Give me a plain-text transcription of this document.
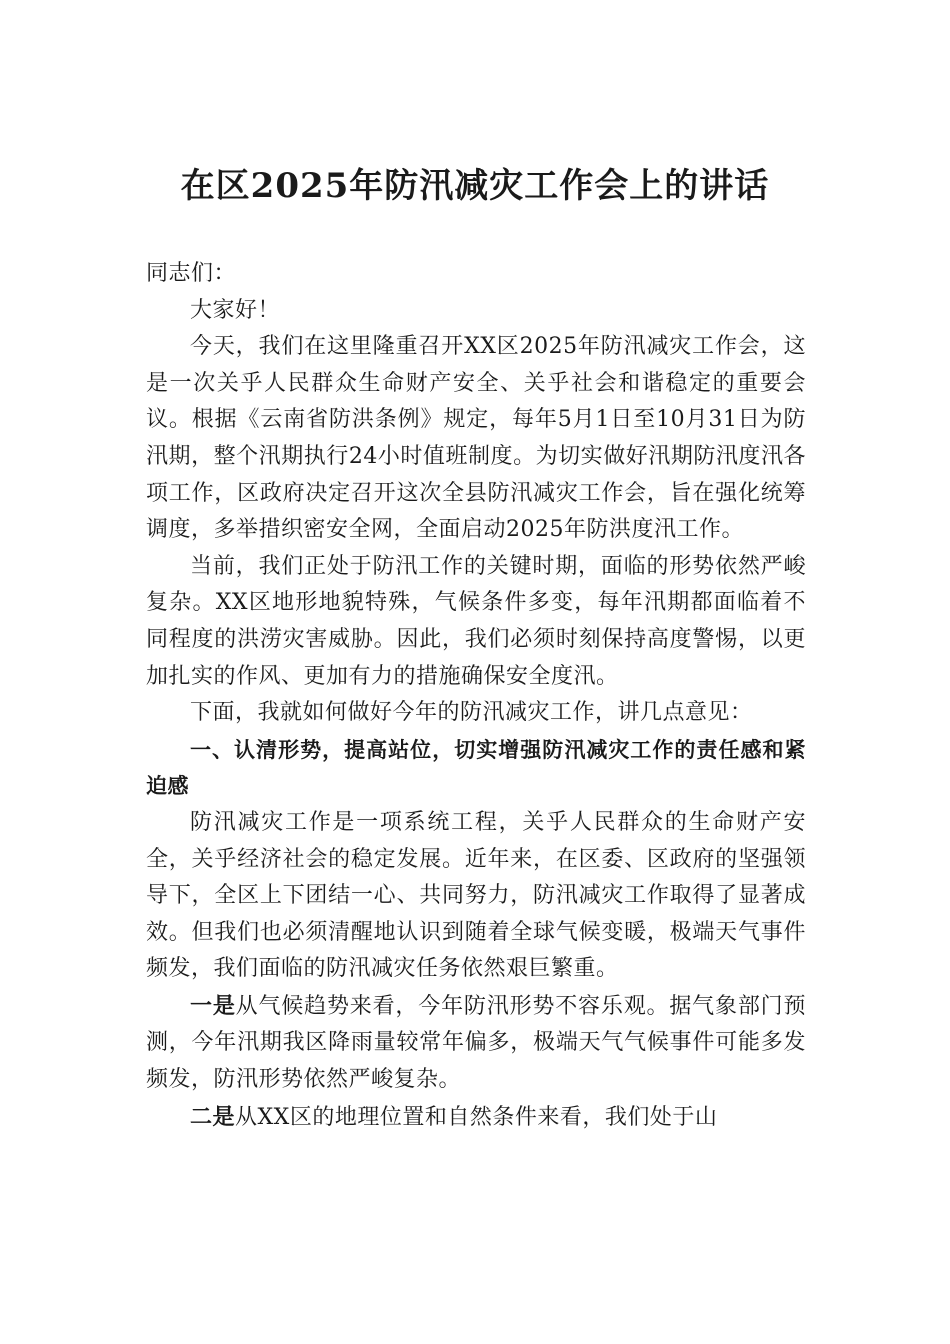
在区2025年防汛减灾工作会上的讲话

同志们：

大家好！

今天，我们在这里隆重召开XX区2025年防汛减灾工作会，这是一次关乎人民群众生命财产安全、关乎社会和谐稳定的重要会议。根据《云南省防洪条例》规定，每年5月1日至10月31日为防汛期，整个汛期执行24小时值班制度。为切实做好汛期防汛度汛各项工作，区政府决定召开这次全县防汛减灾工作会，旨在强化统筹调度，多举措织密安全网，全面启动2025年防洪度汛工作。

当前，我们正处于防汛工作的关键时期，面临的形势依然严峻复杂。XX区地形地貌特殊，气候条件多变，每年汛期都面临着不同程度的洪涝灾害威胁。因此，我们必须时刻保持高度警惕，以更加扎实的作风、更加有力的措施确保安全度汛。

下面，我就如何做好今年的防汛减灾工作，讲几点意见：

一、认清形势，提高站位，切实增强防汛减灾工作的责任感和紧迫感

防汛减灾工作是一项系统工程，关乎人民群众的生命财产安全，关乎经济社会的稳定发展。近年来，在区委、区政府的坚强领导下，全区上下团结一心、共同努力，防汛减灾工作取得了显著成效。但我们也必须清醒地认识到随着全球气候变暖，极端天气事件频发，我们面临的防汛减灾任务依然艰巨繁重。

一是从气候趋势来看，今年防汛形势不容乐观。据气象部门预测，今年汛期我区降雨量较常年偏多，极端天气气候事件可能多发频发，防汛形势依然严峻复杂。

二是从XX区的地理位置和自然条件来看，我们处于山
